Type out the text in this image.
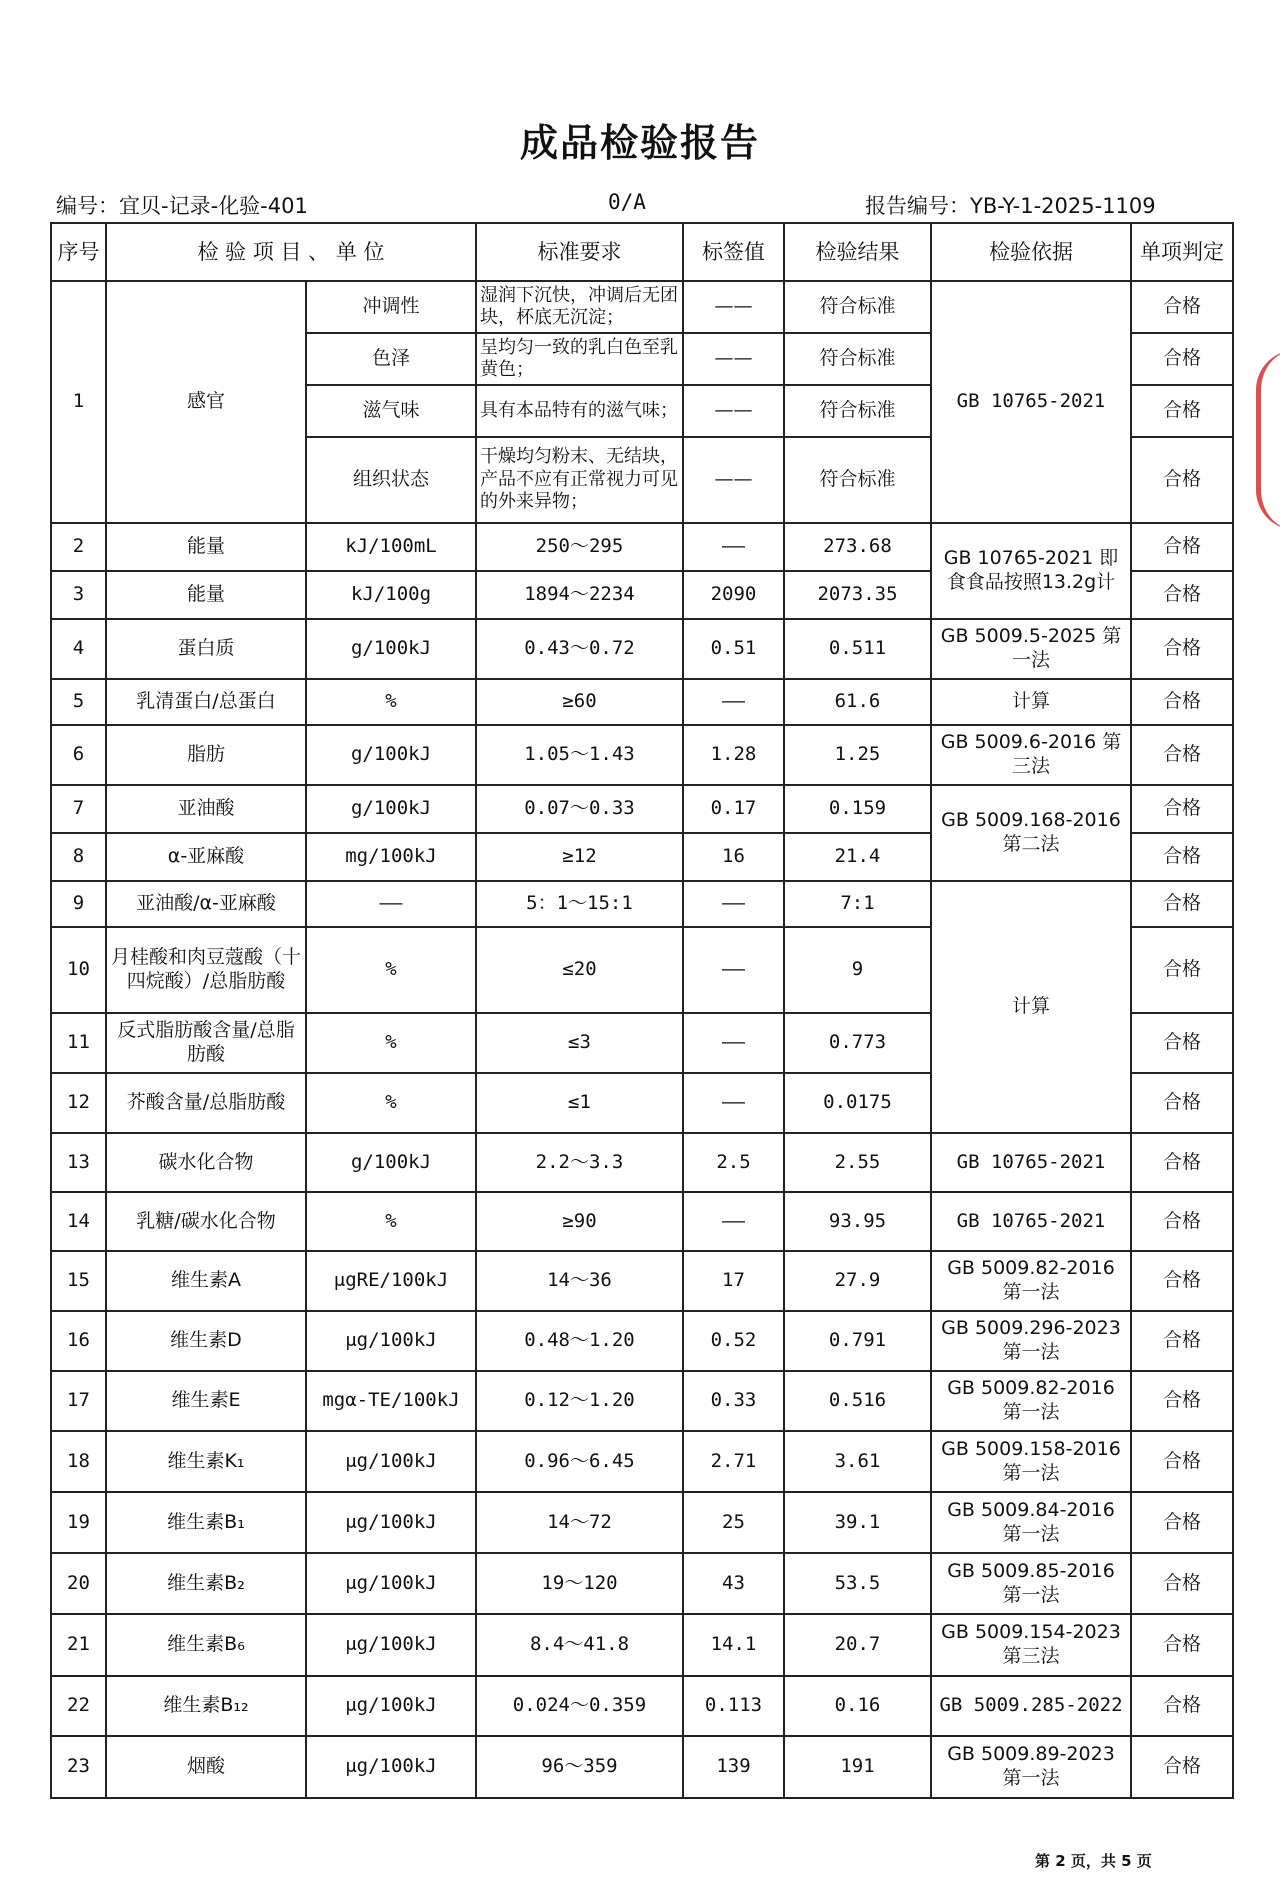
成品检验报告
编号：宜贝-记录-化验-401	0/A	报告编号：YB-Y-1-2025-1109
序号	检 验 项 目 、 单 位		标准要求	标签值	检验结果	检验依据	单项判定
1	感官	冲调性	湿润下沉快，冲调后无团块，杯底无沉淀；	——	符合标准	GB 10765-2021	合格
		色泽	呈均匀一致的乳白色至乳黄色；	——	符合标准		合格
		滋气味	具有本品特有的滋气味；	——	符合标准		合格
		组织状态	干燥均匀粉末、无结块，产品不应有正常视力可见的外来异物；	——	符合标准		合格
2	能量	kJ/100mL	250～295	——	273.68	GB 10765-2021 即食食品按照13.2g计	合格
3	能量	kJ/100g	1894～2234	2090	2073.35		合格
4	蛋白质	g/100kJ	0.43～0.72	0.51	0.511	GB 5009.5-2025 第一法	合格
5	乳清蛋白/总蛋白	%	≥60	——	61.6	计算	合格
6	脂肪	g/100kJ	1.05～1.43	1.28	1.25	GB 5009.6-2016 第三法	合格
7	亚油酸	g/100kJ	0.07～0.33	0.17	0.159	GB 5009.168-2016 第二法	合格
8	α-亚麻酸	mg/100kJ	≥12	16	21.4		合格
9	亚油酸/α-亚麻酸	——	5：1～15:1	——	7:1	计算	合格
10	月桂酸和肉豆蔻酸（十四烷酸）/总脂肪酸	%	≤20	——	9		合格
11	反式脂肪酸含量/总脂肪酸	%	≤3	——	0.773		合格
12	芥酸含量/总脂肪酸	%	≤1	——	0.0175		合格
13	碳水化合物	g/100kJ	2.2～3.3	2.5	2.55	GB 10765-2021	合格
14	乳糖/碳水化合物	%	≥90	——	93.95	GB 10765-2021	合格
15	维生素A	μgRE/100kJ	14～36	17	27.9	GB 5009.82-2016 第一法	合格
16	维生素D	μg/100kJ	0.48～1.20	0.52	0.791	GB 5009.296-2023 第一法	合格
17	维生素E	mgα-TE/100kJ	0.12～1.20	0.33	0.516	GB 5009.82-2016 第一法	合格
18	维生素K₁	μg/100kJ	0.96～6.45	2.71	3.61	GB 5009.158-2016 第一法	合格
19	维生素B₁	μg/100kJ	14～72	25	39.1	GB 5009.84-2016 第一法	合格
20	维生素B₂	μg/100kJ	19～120	43	53.5	GB 5009.85-2016 第一法	合格
21	维生素B₆	μg/100kJ	8.4～41.8	14.1	20.7	GB 5009.154-2023 第三法	合格
22	维生素B₁₂	μg/100kJ	0.024～0.359	0.113	0.16	GB 5009.285-2022	合格
23	烟酸	μg/100kJ	96～359	139	191	GB 5009.89-2023 第一法	合格
第 2 页，共 5 页
